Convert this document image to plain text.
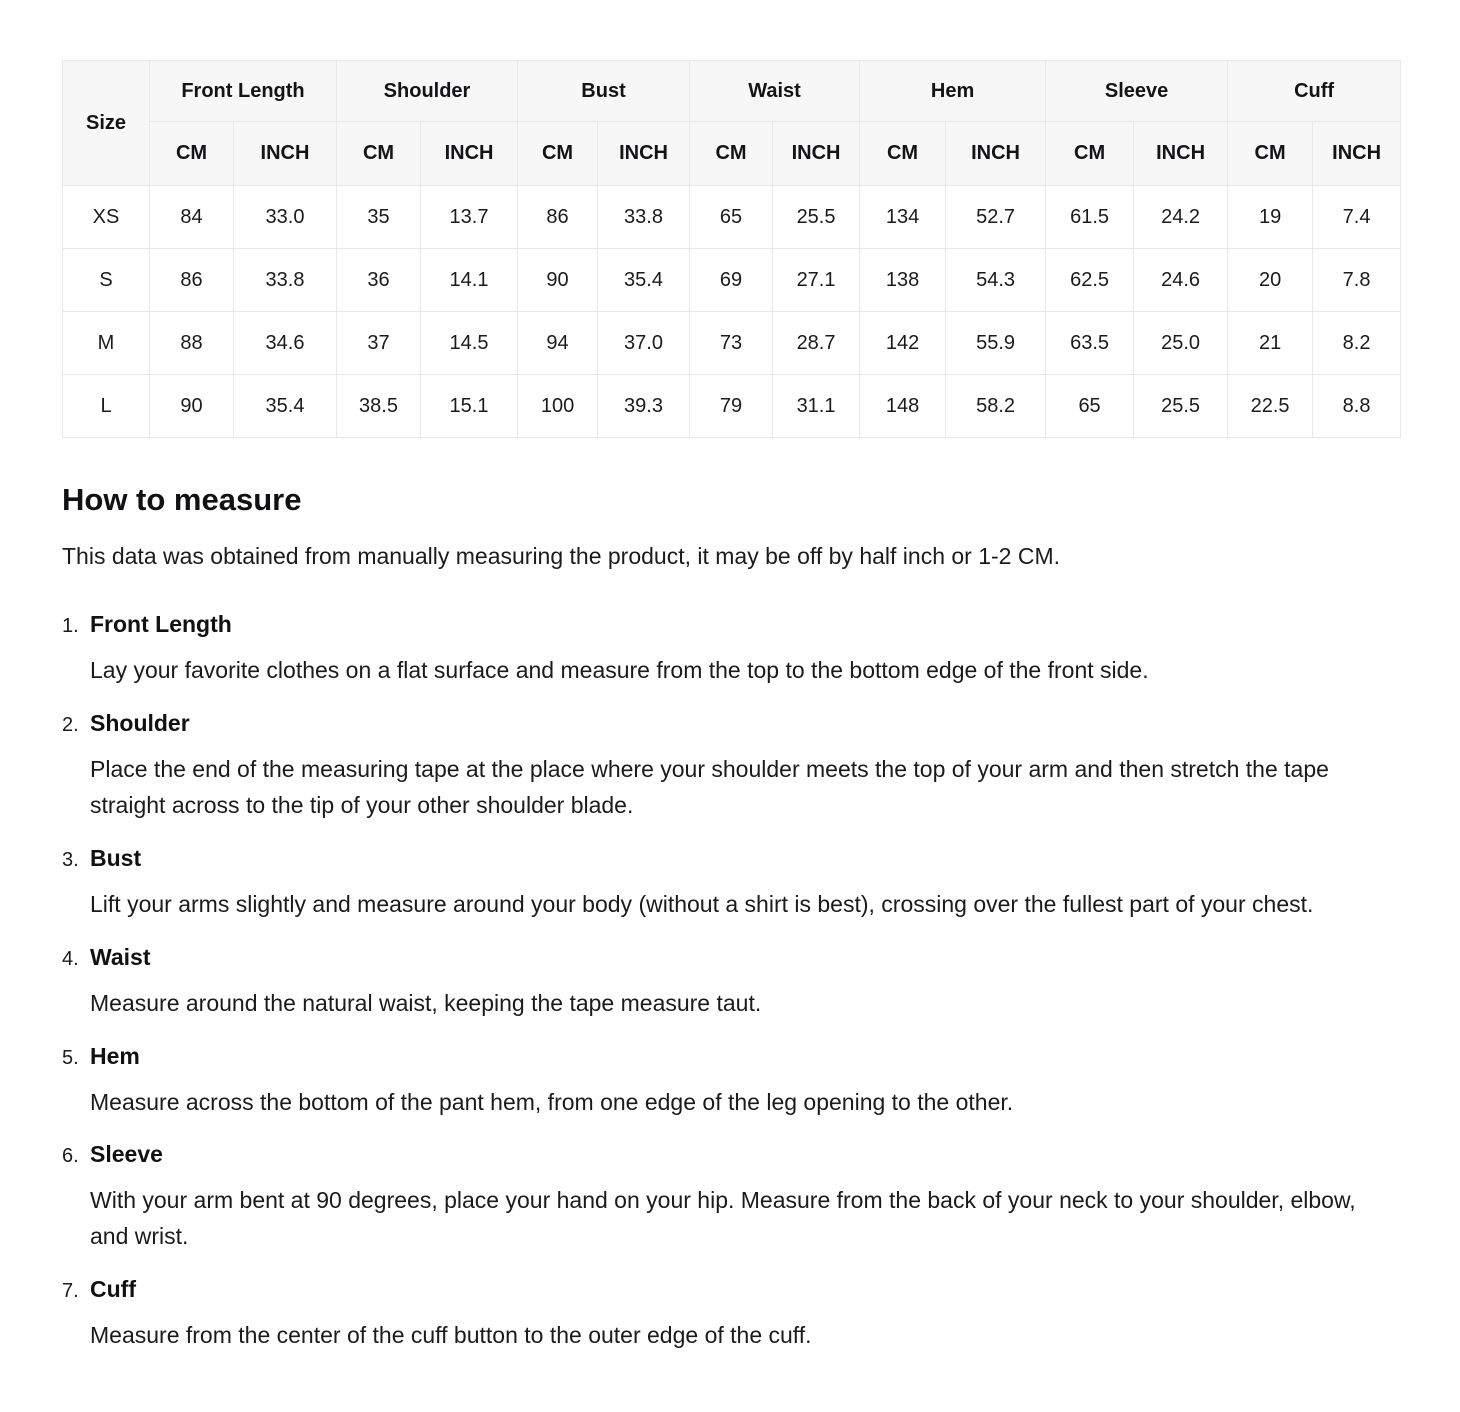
Size	Front Length		Shoulder		Bust		Waist		Hem		Sleeve		Cuff	
	CM	INCH	CM	INCH	CM	INCH	CM	INCH	CM	INCH	CM	INCH	CM	INCH
XS	84	33.0	35	13.7	86	33.8	65	25.5	134	52.7	61.5	24.2	19	7.4
S	86	33.8	36	14.1	90	35.4	69	27.1	138	54.3	62.5	24.6	20	7.8
M	88	34.6	37	14.5	94	37.0	73	28.7	142	55.9	63.5	25.0	21	8.2
L	90	35.4	38.5	15.1	100	39.3	79	31.1	148	58.2	65	25.5	22.5	8.8
How to measure

This data was obtained from manually measuring the product, it may be off by half inch or 1-2 CM.

1. Front Length

Lay your favorite clothes on a flat surface and measure from the top to the bottom edge of the front side.

2. Shoulder

Place the end of the measuring tape at the place where your shoulder meets the top of your arm and then stretch the tape straight across to the tip of your other shoulder blade.

3. Bust

Lift your arms slightly and measure around your body (without a shirt is best), crossing over the fullest part of your chest.

4. Waist

Measure around the natural waist, keeping the tape measure taut.

5. Hem

Measure across the bottom of the pant hem, from one edge of the leg opening to the other.

6. Sleeve

With your arm bent at 90 degrees, place your hand on your hip. Measure from the back of your neck to your shoulder, elbow, and wrist.

7. Cuff

Measure from the center of the cuff button to the outer edge of the cuff.
